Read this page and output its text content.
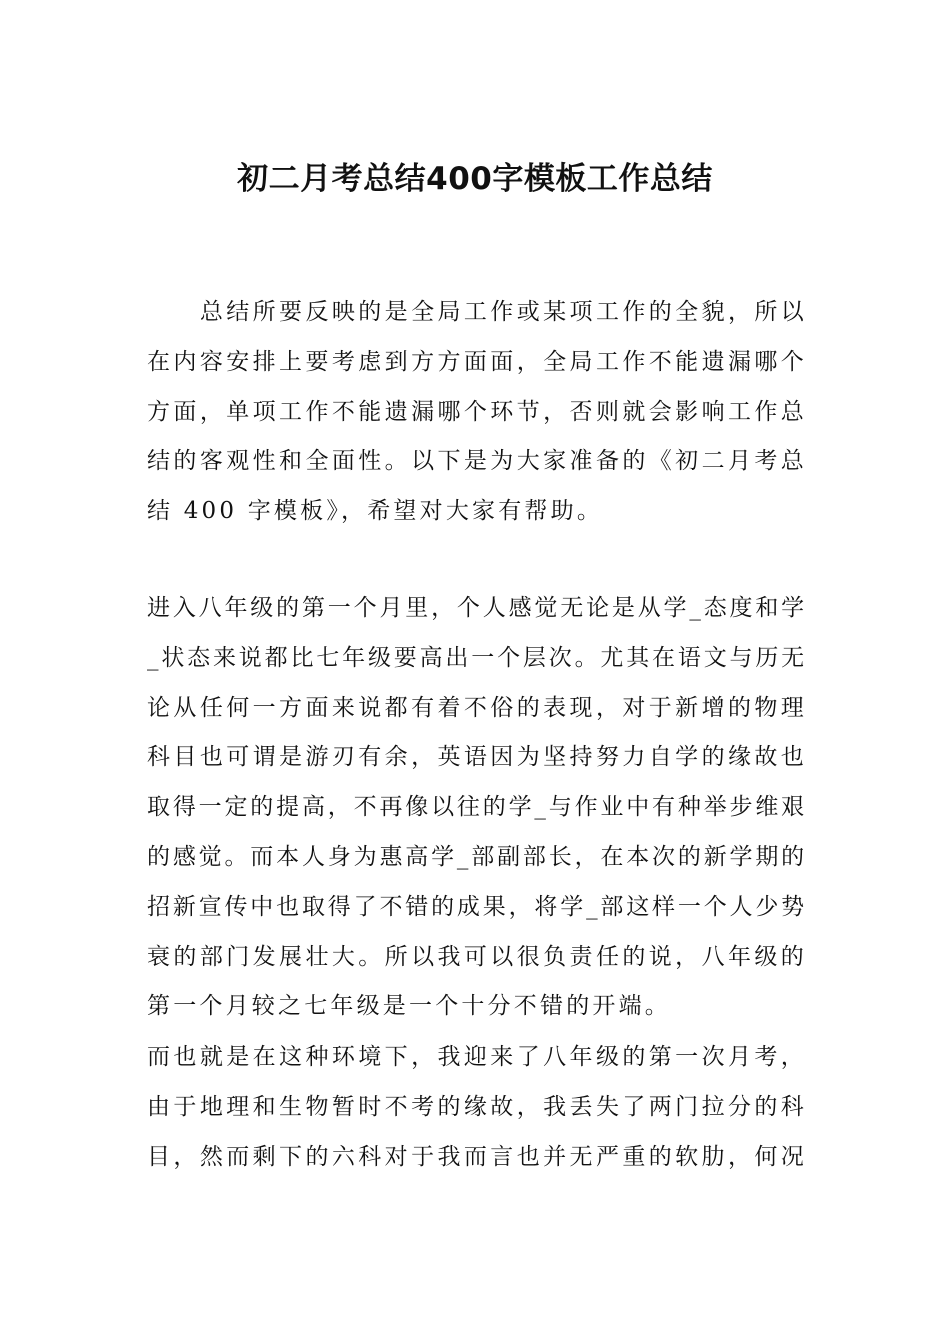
初二月考总结400字模板工作总结
　　总结所要反映的是全局工作或某项工作的全貌，所以
在内容安排上要考虑到方方面面，全局工作不能遗漏哪个
方面，单项工作不能遗漏哪个环节，否则就会影响工作总
结的客观性和全面性。以下是为大家准备的《初二月考总
结 400 字模板》，希望对大家有帮助。
进入八年级的第一个月里，个人感觉无论是从学_态度和学
_状态来说都比七年级要高出一个层次。尤其在语文与历无
论从任何一方面来说都有着不俗的表现，对于新增的物理
科目也可谓是游刃有余，英语因为坚持努力自学的缘故也
取得一定的提高，不再像以往的学_与作业中有种举步维艰
的感觉。而本人身为惠高学_部副部长，在本次的新学期的
招新宣传中也取得了不错的成果，将学_部这样一个人少势
衰的部门发展壮大。所以我可以很负责任的说，八年级的
第一个月较之七年级是一个十分不错的开端。
而也就是在这种环境下，我迎来了八年级的第一次月考，
由于地理和生物暂时不考的缘故，我丢失了两门拉分的科
目，然而剩下的六科对于我而言也并无严重的软肋，何况
